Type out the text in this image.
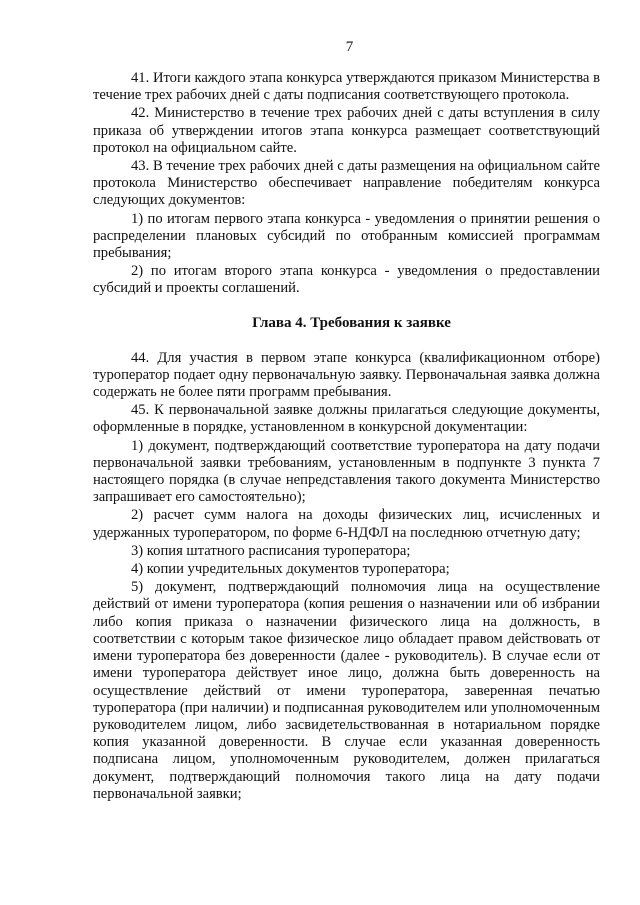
7

41. Итоги каждого этапа конкурса утверждаются приказом Министерства в течение трех рабочих дней с даты подписания соответствующего протокола.

42. Министерство в течение трех рабочих дней с даты вступления в силу приказа об утверждении итогов этапа конкурса размещает соответствующий протокол на официальном сайте.

43. В течение трех рабочих дней с даты размещения на официальном сайте протокола Министерство обеспечивает направление победителям конкурса следующих документов:

1) по итогам первого этапа конкурса - уведомления о принятии решения о распределении плановых субсидий по отобранным комиссией программам пребывания;

2) по итогам второго этапа конкурса - уведомления о предоставлении субсидий и проекты соглашений.

Глава 4. Требования к заявке

44. Для участия в первом этапе конкурса (квалификационном отборе) туроператор подает одну первоначальную заявку. Первоначальная заявка должна содержать не более пяти программ пребывания.

45. К первоначальной заявке должны прилагаться следующие документы, оформленные в порядке, установленном в конкурсной документации:

1) документ, подтверждающий соответствие туроператора на дату подачи первоначальной заявки требованиям, установленным в подпункте 3 пункта 7 настоящего порядка (в случае непредставления такого документа Министерство запрашивает его самостоятельно);

2) расчет сумм налога на доходы физических лиц, исчисленных и удержанных туроператором, по форме 6-НДФЛ на последнюю отчетную дату;

3) копия штатного расписания туроператора;

4) копии учредительных документов туроператора;

5) документ, подтверждающий полномочия лица на осуществление действий от имени туроператора (копия решения о назначении или об избрании либо копия приказа о назначении физического лица на должность, в соответствии с которым такое физическое лицо обладает правом действовать от имени туроператора без доверенности (далее - руководитель). В случае если от имени туроператора действует иное лицо, должна быть доверенность на осуществление действий от имени туроператора, заверенная печатью туроператора (при наличии) и подписанная руководителем или уполномоченным руководителем лицом, либо засвидетельствованная в нотариальном порядке копия указанной доверенности. В случае если указанная доверенность подписана лицом, уполномоченным руководителем, должен прилагаться документ, подтверждающий полномочия такого лица на дату подачи первоначальной заявки;
